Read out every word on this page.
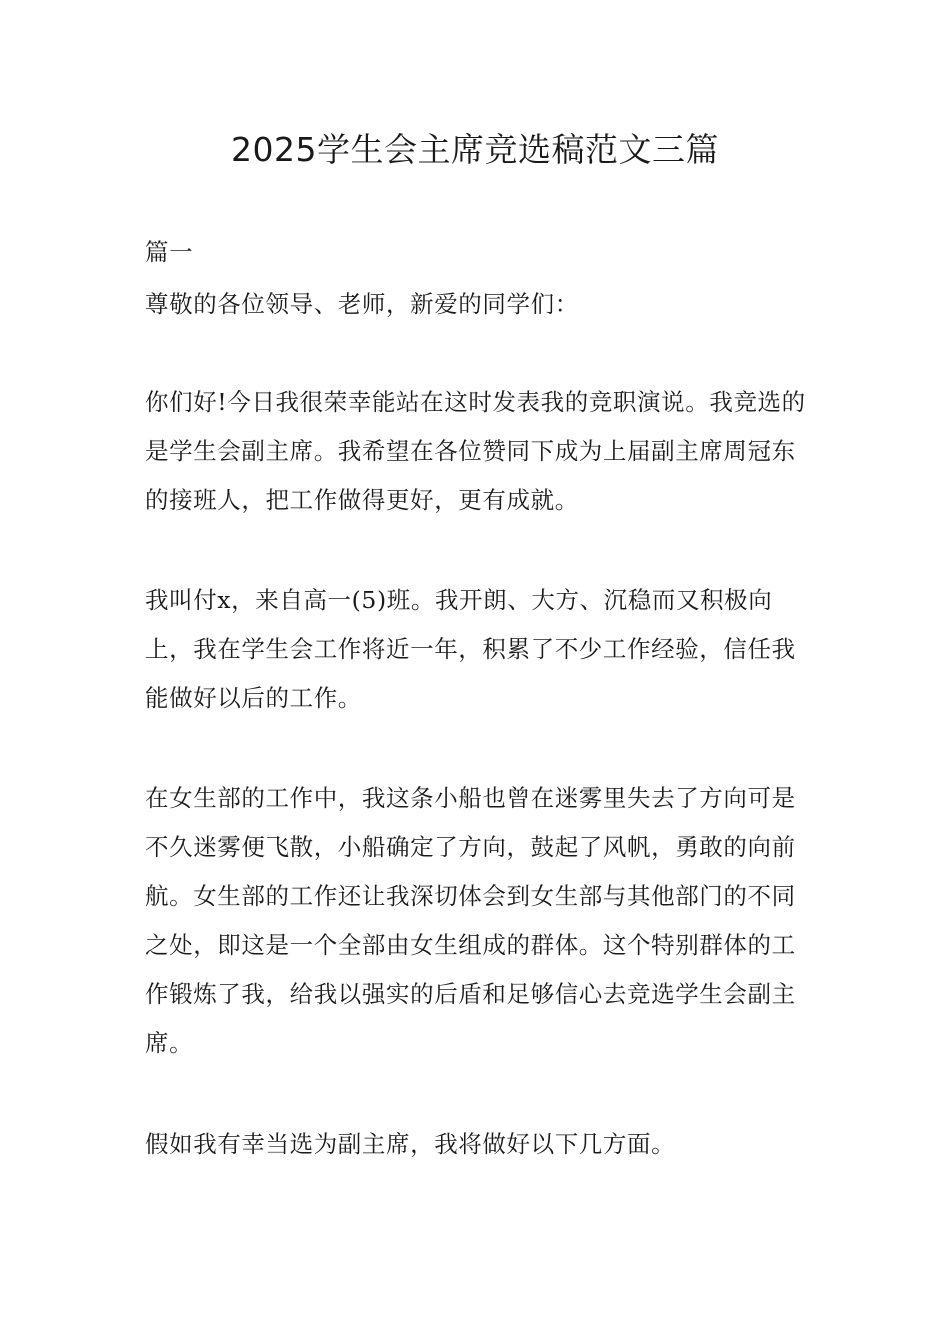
2025学生会主席竞选稿范文三篇

篇一

尊敬的各位领导、老师，新爱的同学们：

你们好!今日我很荣幸能站在这时发表我的竞职演说。我竞选的是学生会副主席。我希望在各位赞同下成为上届副主席周冠东的接班人，把工作做得更好，更有成就。

我叫付x，来自高一(5)班。我开朗、大方、沉稳而又积极向上，我在学生会工作将近一年，积累了不少工作经验，信任我能做好以后的工作。

在女生部的工作中，我这条小船也曾在迷雾里失去了方向可是不久迷雾便飞散，小船确定了方向，鼓起了风帆，勇敢的向前航。女生部的工作还让我深切体会到女生部与其他部门的不同之处，即这是一个全部由女生组成的群体。这个特别群体的工作锻炼了我，给我以强实的后盾和足够信心去竞选学生会副主席。

假如我有幸当选为副主席，我将做好以下几方面。
